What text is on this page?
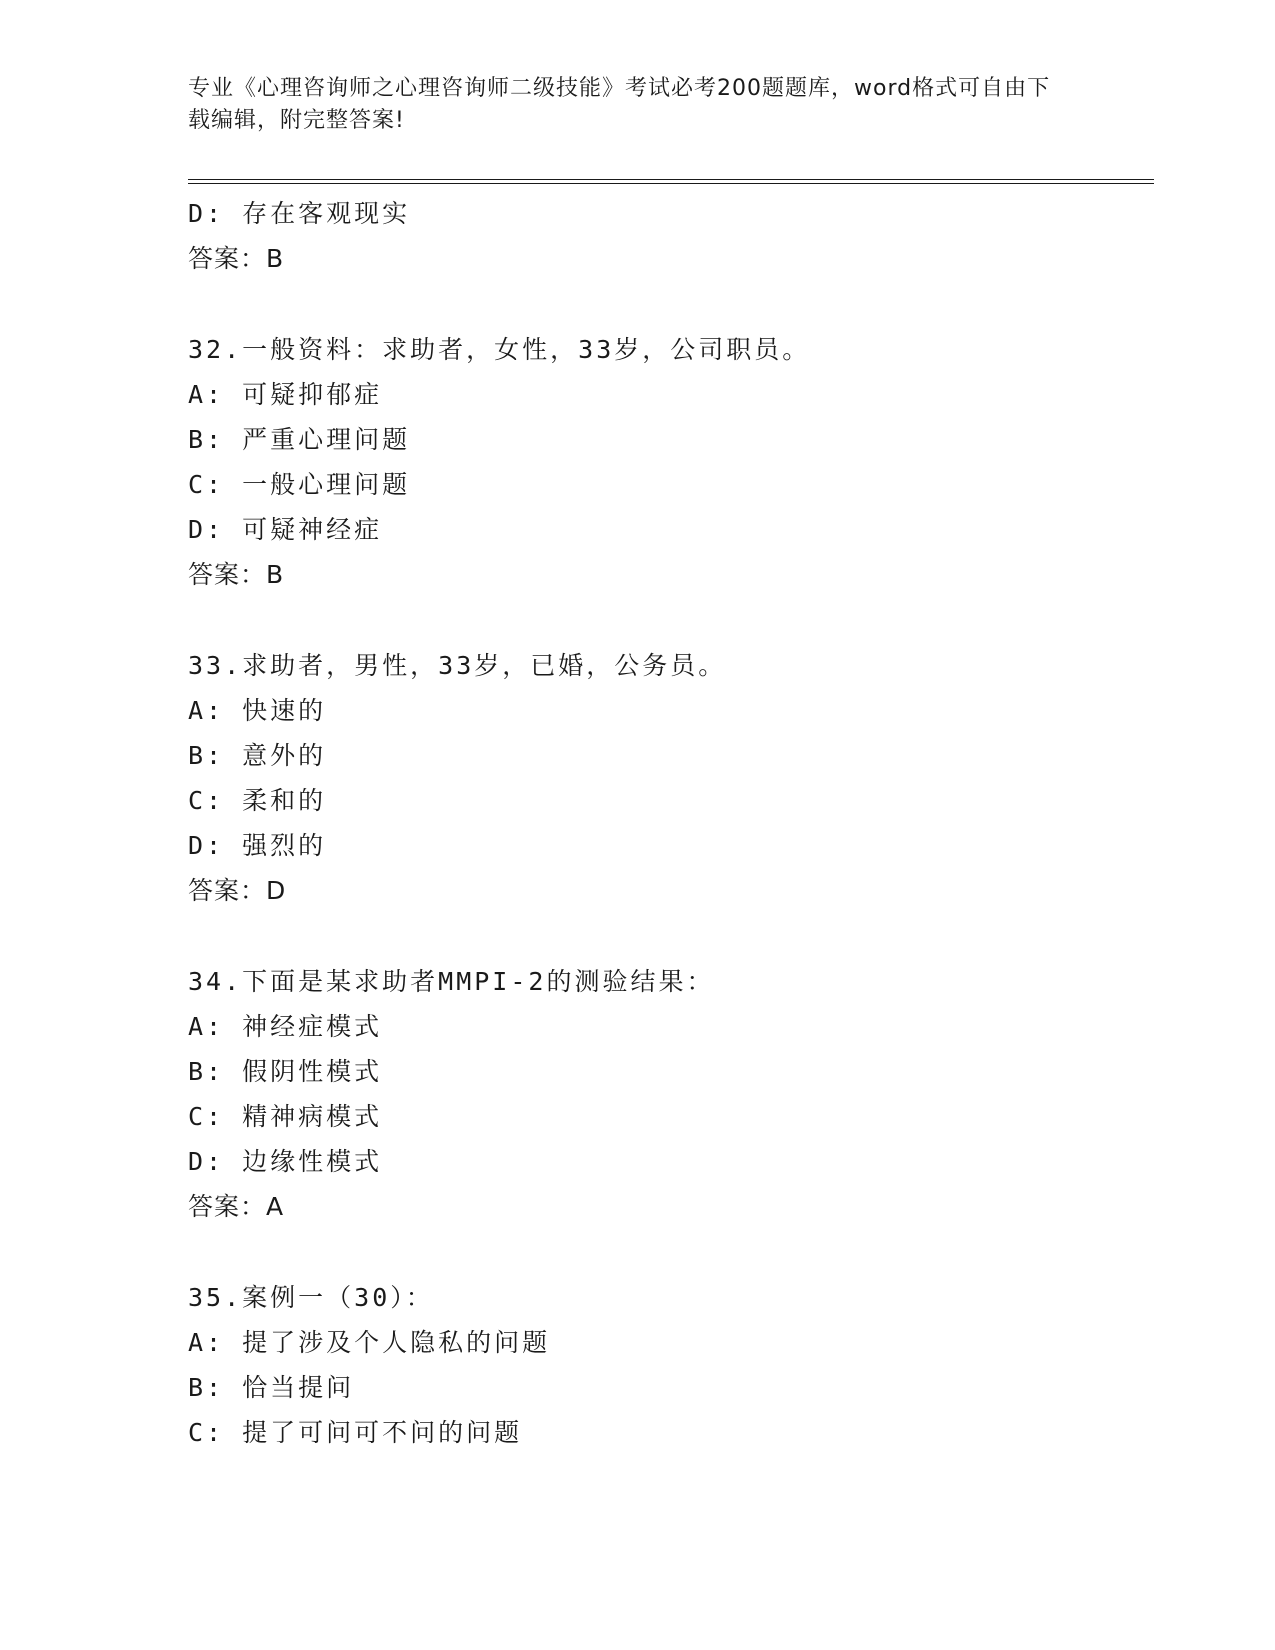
专业《心理咨询师之心理咨询师二级技能》考试必考200题题库，word格式可自由下载编辑，附完整答案!
D: 存在客观现实
答案：B
32.一般资料：求助者，女性，33岁，公司职员。
A: 可疑抑郁症
B: 严重心理问题
C: 一般心理问题
D: 可疑神经症
答案：B
33.求助者，男性，33岁，已婚，公务员。
A: 快速的
B: 意外的
C: 柔和的
D: 强烈的
答案：D
34.下面是某求助者MMPI-2的测验结果：
A: 神经症模式
B: 假阴性模式
C: 精神病模式
D: 边缘性模式
答案：A
35.案例一（30）：
A: 提了涉及个人隐私的问题
B: 恰当提问
C: 提了可问可不问的问题
